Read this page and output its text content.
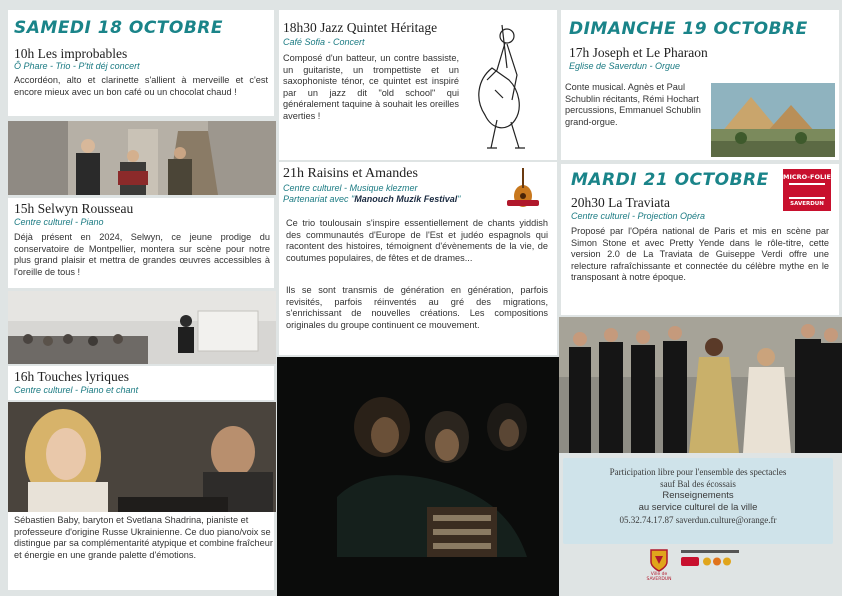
SAMEDI 18 OCTOBRE
10h Les improbables
Ô Phare - Trio - P'tit déj concert
Accordéon, alto et clarinette s'allient à merveille et c'est encore mieux avec un bon café ou un chocolat chaud !
15h Selwyn Rousseau
Centre culturel - Piano
Déjà présent en 2024, Selwyn, ce jeune prodige du conservatoire de Montpellier, montera sur scène pour notre plus grand plaisir et mettra de grandes œuvres accessibles à l'oreille de tous !
16h Touches lyriques
Centre culturel - Piano et chant
Sébastien Baby, baryton et Svetlana Shadrina, pianiste et professeure d'origine Russe Ukrainienne. Ce duo piano/voix se distingue par sa complémentarité atypique et combine fraîcheur et énergie en une grande palette d'émotions.
18h30 Jazz Quintet Héritage
Café Sofia - Concert
Composé d'un batteur, un contre bassiste, un guitariste, un trompettiste et un saxophoniste ténor, ce quintet est inspiré par un jazz dit "old school" qui généralement taquine à souhait les oreilles averties !
21h Raisins et Amandes
Centre culturel - Musique klezmer
Partenariat avec "Manouch Muzik Festival"
Ce trio toulousain s'inspire essentiellement de chants yiddish des communautés d'Europe de l'Est et judéo espagnols qui racontent des histoires, témoignent d'évènements de la vie, de coutumes populaires, de fêtes et de drames...
Ils se sont transmis de génération en génération, parfois revisités, parfois réinventés au gré des migrations, s'enrichissant de nouvelles créations. Les compositions originales du groupe continuent ce mouvement.
DIMANCHE 19 OCTOBRE
17h Joseph et Le Pharaon
Eglise de Saverdun - Orgue
Conte musical. Agnès et Paul Schublin récitants, Rémi Hochart percussions, Emmanuel Schublin grand-orgue.
MARDI 21 OCTOBRE MICRO-FOLIE
SAVERDUN
20h30 La Traviata
Centre culturel - Projection Opéra
Proposé par l'Opéra national de Paris et mis en scène par Simon Stone et avec Pretty Yende dans le rôle-titre, cette version 2.0 de La Traviata de Guiseppe Verdi offre une relecture rafraîchissante et connectée du célèbre mythe en le transposant à notre époque.
Participation libre pour l'ensemble des spectacles
sauf Bal des écossais
Renseignements
au service culturel de la ville
05.32.74.17.87 saverdun.culture@orange.fr
Ville de SAVERDUN
